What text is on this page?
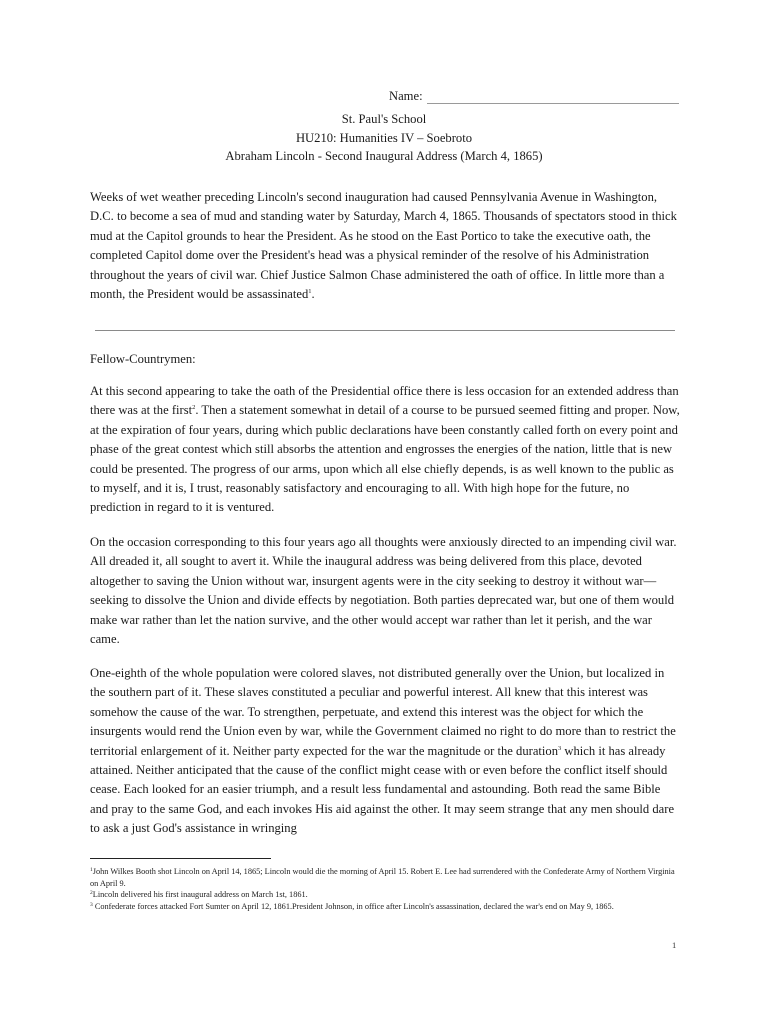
Name:
St. Paul's School
HU210: Humanities IV – Soebroto
Abraham Lincoln - Second Inaugural Address (March 4, 1865)

Weeks of wet weather preceding Lincoln's second inauguration had caused Pennsylvania Avenue in Washington, D.C. to become a sea of mud and standing water by Saturday, March 4, 1865. Thousands of spectators stood in thick mud at the Capitol grounds to hear the President. As he stood on the East Portico to take the executive oath, the completed Capitol dome over the President's head was a physical reminder of the resolve of his Administration throughout the years of civil war. Chief Justice Salmon Chase administered the oath of office. In little more than a month, the President would be assassinated$^1$.

Fellow-Countrymen:

At this second appearing to take the oath of the Presidential office there is less occasion for an extended address than there was at the first$^2$. Then a statement somewhat in detail of a course to be pursued seemed fitting and proper. Now, at the expiration of four years, during which public declarations have been constantly called forth on every point and phase of the great contest which still absorbs the attention and engrosses the energies of the nation, little that is new could be presented. The progress of our arms, upon which all else chiefly depends, is as well known to the public as to myself, and it is, I trust, reasonably satisfactory and encouraging to all. With high hope for the future, no prediction in regard to it is ventured.

On the occasion corresponding to this four years ago all thoughts were anxiously directed to an impending civil war. All dreaded it, all sought to avert it. While the inaugural address was being delivered from this place, devoted altogether to saving the Union without war, insurgent agents were in the city seeking to destroy it without war—seeking to dissolve the Union and divide effects by negotiation. Both parties deprecated war, but one of them would make war rather than let the nation survive, and the other would accept war rather than let it perish, and the war came.

One-eighth of the whole population were colored slaves, not distributed generally over the Union, but localized in the southern part of it. These slaves constituted a peculiar and powerful interest. All knew that this interest was somehow the cause of the war. To strengthen, perpetuate, and extend this interest was the object for which the insurgents would rend the Union even by war, while the Government claimed no right to do more than to restrict the territorial enlargement of it. Neither party expected for the war the magnitude or the duration$^3$ which it has already attained. Neither anticipated that the cause of the conflict might cease with or even before the conflict itself should cease. Each looked for an easier triumph, and a result less fundamental and astounding. Both read the same Bible and pray to the same God, and each invokes His aid against the other. It may seem strange that any men should dare to ask a just God's assistance in wringing

$^1$John Wilkes Booth shot Lincoln on April 14, 1865; Lincoln would die the morning of April 15. Robert E. Lee had surrendered with the Confederate Army of Northern Virginia on April 9.
$^2$Lincoln delivered his first inaugural address on March 1st, 1861.
$^3$ Confederate forces attacked Fort Sumter on April 12, 1861.President Johnson, in office after Lincoln's assassination, declared the war's end on May 9, 1865.
1
